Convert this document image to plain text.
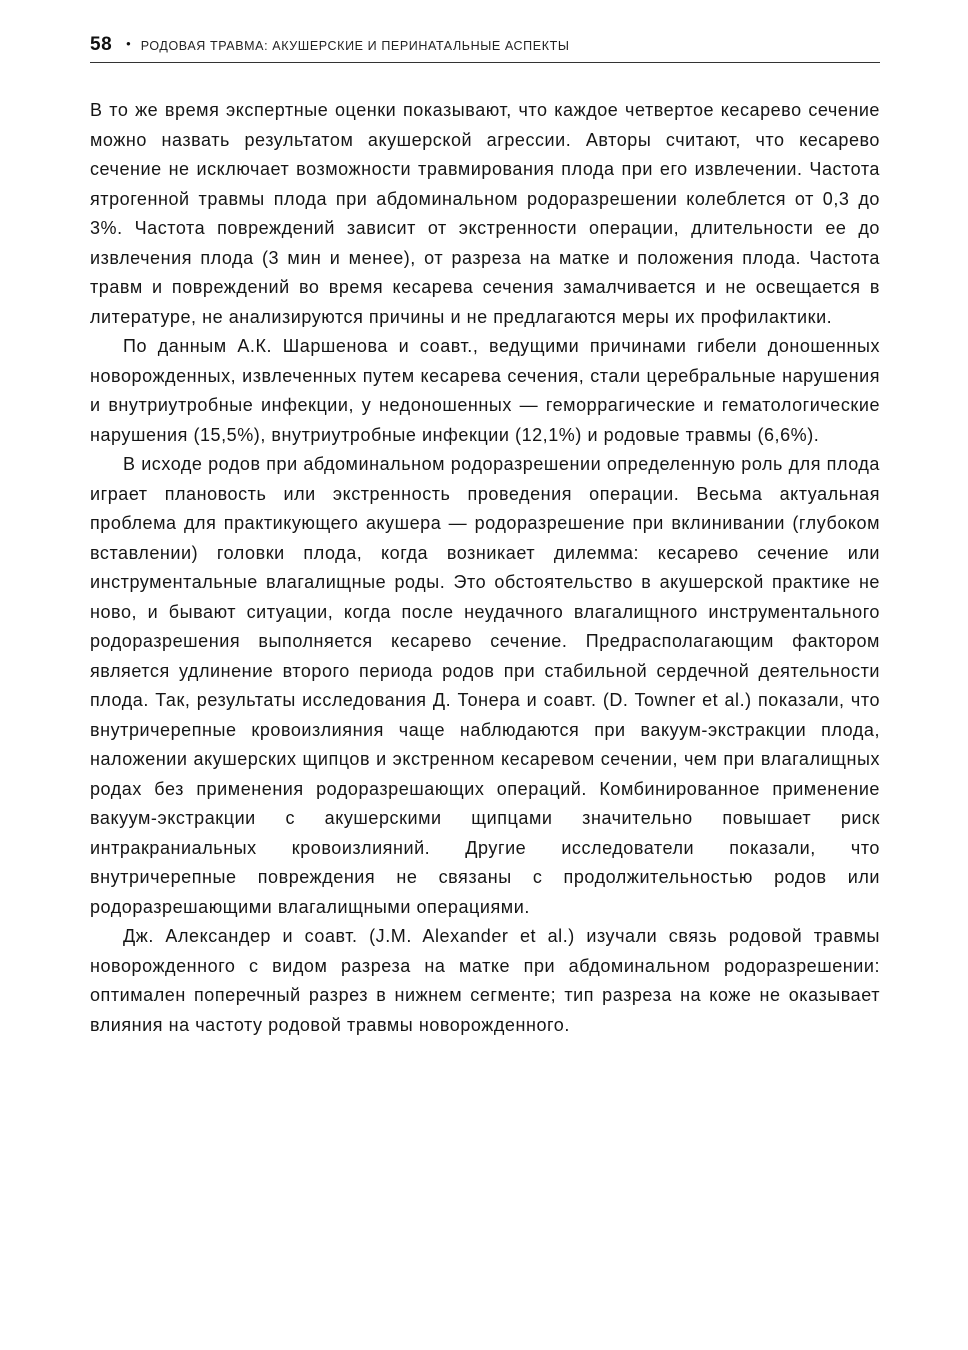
58 • РОДОВАЯ ТРАВМА: АКУШЕРСКИЕ И ПЕРИНАТАЛЬНЫЕ АСПЕКТЫ

В то же время экспертные оценки показывают, что каждое четвертое кесарево сечение можно назвать результатом акушерской агрессии. Авторы считают, что кесарево сечение не исключает возможности травмирования плода при его извлечении. Частота ятрогенной травмы плода при абдоминальном родоразрешении колеблется от 0,3 до 3%. Частота повреждений зависит от экстренности операции, длительности ее до извлечения плода (3 мин и менее), от разреза на матке и положения плода. Частота травм и повреждений во время кесарева сечения замалчивается и не освещается в литературе, не анализируются причины и не предлагаются меры их профилактики.

По данным А.К. Шаршенова и соавт., ведущими причинами гибели доношенных новорожденных, извлеченных путем кесарева сечения, стали церебральные нарушения и внутриутробные инфекции, у недоношенных — геморрагические и гематологические нарушения (15,5%), внутриутробные инфекции (12,1%) и родовые травмы (6,6%).

В исходе родов при абдоминальном родоразрешении определенную роль для плода играет плановость или экстренность проведения операции. Весьма актуальная проблема для практикующего акушера — родоразрешение при вклинивании (глубоком вставлении) головки плода, когда возникает дилемма: кесарево сечение или инструментальные влагалищные роды. Это обстоятельство в акушерской практике не ново, и бывают ситуации, когда после неудачного влагалищного инструментального родоразрешения выполняется кесарево сечение. Предрасполагающим фактором является удлинение второго периода родов при стабильной сердечной деятельности плода. Так, результаты исследования Д. Тонера и соавт. (D. Towner et al.) показали, что внутричерепные кровоизлияния чаще наблюдаются при вакуум-экстракции плода, наложении акушерских щипцов и экстренном кесаревом сечении, чем при влагалищных родах без применения родоразрешающих операций. Комбинированное применение вакуум-экстракции с акушерскими щипцами значительно повышает риск интракраниальных кровоизлияний. Другие исследователи показали, что внутричерепные повреждения не связаны с продолжительностью родов или родоразрешающими влагалищными операциями.

Дж. Александер и соавт. (J.M. Alexander et al.) изучали связь родовой травмы новорожденного с видом разреза на матке при абдоминальном родоразрешении: оптимален поперечный разрез в нижнем сегменте; тип разреза на коже не оказывает влияния на частоту родовой травмы новорожденного.
